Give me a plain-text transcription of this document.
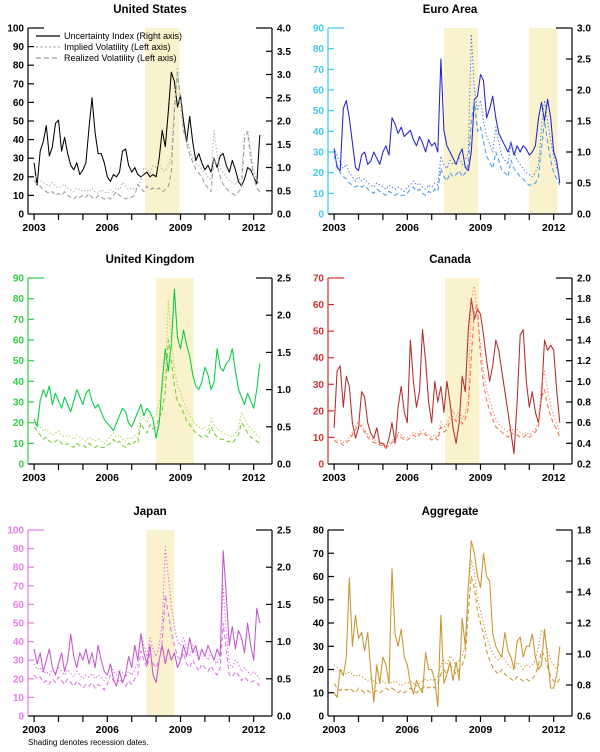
United States
2003	2006	2009	2012
0
10
20
30
40
50
60
70
80
90
100
0.0
0.5
1.0
1.5
2.0
2.5
3.0
3.5
4.0
Uncertainty Index (Right axis)
Implied Volatility (Left axis)
Realized Volatility (Left axis)
Euro Area
2003	2006	2009	2012
0
10
20
30
40
50
60
70
80
90
0.0
0.5
1.0
1.5
2.0
2.5
3.0
United Kingdom
2003	2006	2009	2012
0
10
20
30
40
50
60
70
80
90
0.0
0.5
1.0
1.5
2.0
2.5
Canada
2003	2006	2009	2012
0
10
20
30
40
50
60
70
0.2
0.4
0.6
0.8
1.0
1.2
1.4
1.6
1.8
2.0
Japan
2003	2006	2009	2012
0
10
20
30
40
50
60
70
80
90
100
0.0
0.5
1.0
1.5
2.0
2.5
Aggregate
2003	2006	2009	2012
0
10
20
30
40
50
60
70
80
0.6
0.8
1.0
1.2
1.4
1.6
1.8
Shading denotes recession dates.
